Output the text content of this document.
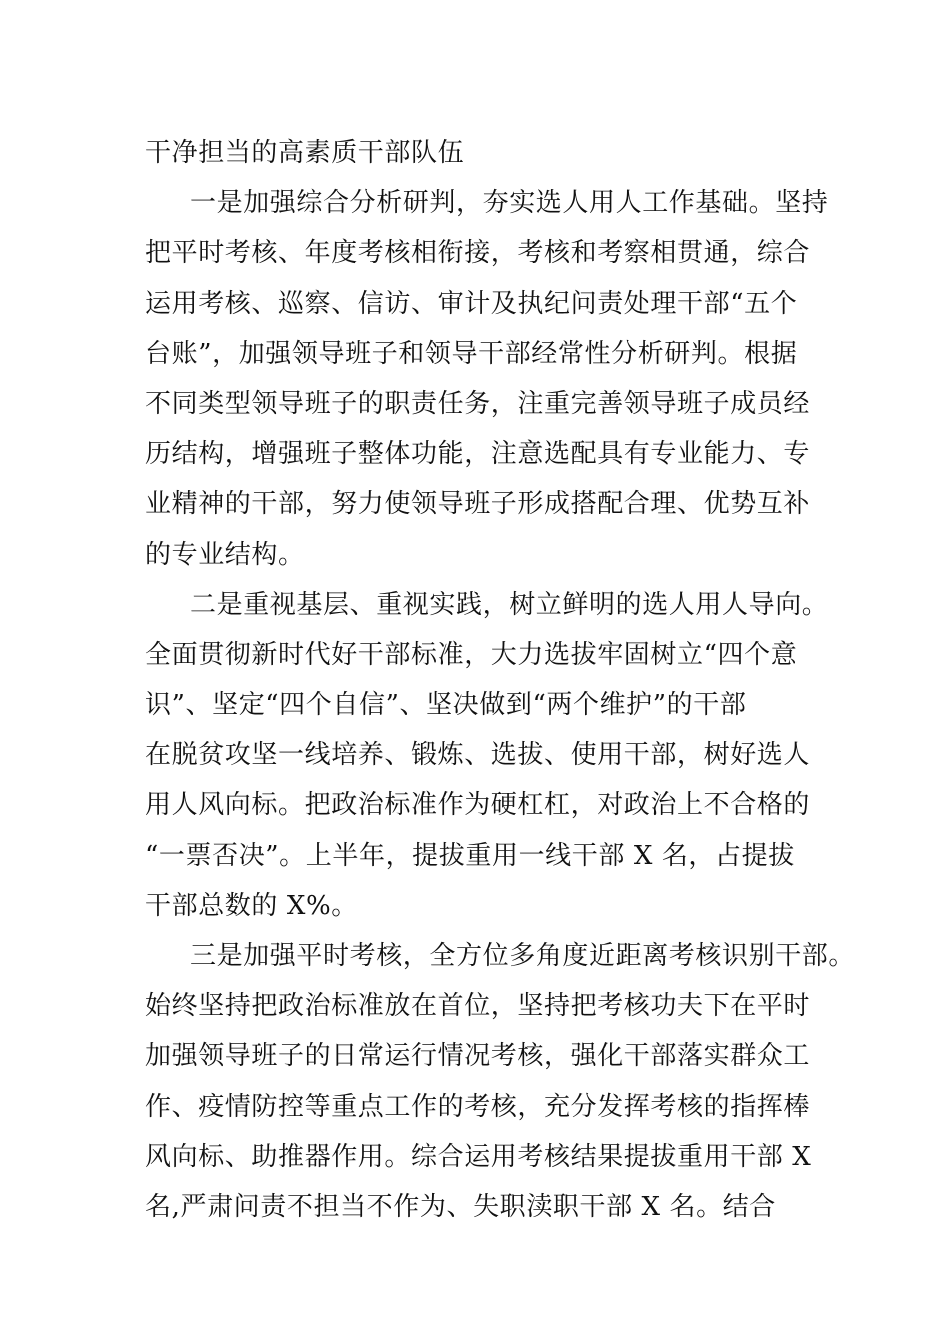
干净担当的高素质干部队伍
一是加强综合分析研判，夯实选人用人工作基础。坚持
把平时考核、年度考核相衔接，考核和考察相贯通，综合
运用考核、巡察、信访、审计及执纪问责处理干部“五个
台账”，加强领导班子和领导干部经常性分析研判。根据
不同类型领导班子的职责任务，注重完善领导班子成员经
历结构，增强班子整体功能，注意选配具有专业能力、专
业精神的干部，努力使领导班子形成搭配合理、优势互补
的专业结构。
二是重视基层、重视实践，树立鲜明的选人用人导向。
全面贯彻新时代好干部标准，大力选拔牢固树立“四个意
识”、坚定“四个自信”、坚决做到“两个维护”的干部
在脱贫攻坚一线培养、锻炼、选拔、使用干部，树好选人
用人风向标。把政治标准作为硬杠杠，对政治上不合格的
“一票否决”。上半年，提拔重用一线干部 X 名，占提拔
干部总数的 X%。
三是加强平时考核，全方位多角度近距离考核识别干部。
始终坚持把政治标准放在首位，坚持把考核功夫下在平时
加强领导班子的日常运行情况考核，强化干部落实群众工
作、疫情防控等重点工作的考核，充分发挥考核的指挥棒
风向标、助推器作用。综合运用考核结果提拔重用干部 X
名,严肃问责不担当不作为、失职渎职干部 X 名。结合
